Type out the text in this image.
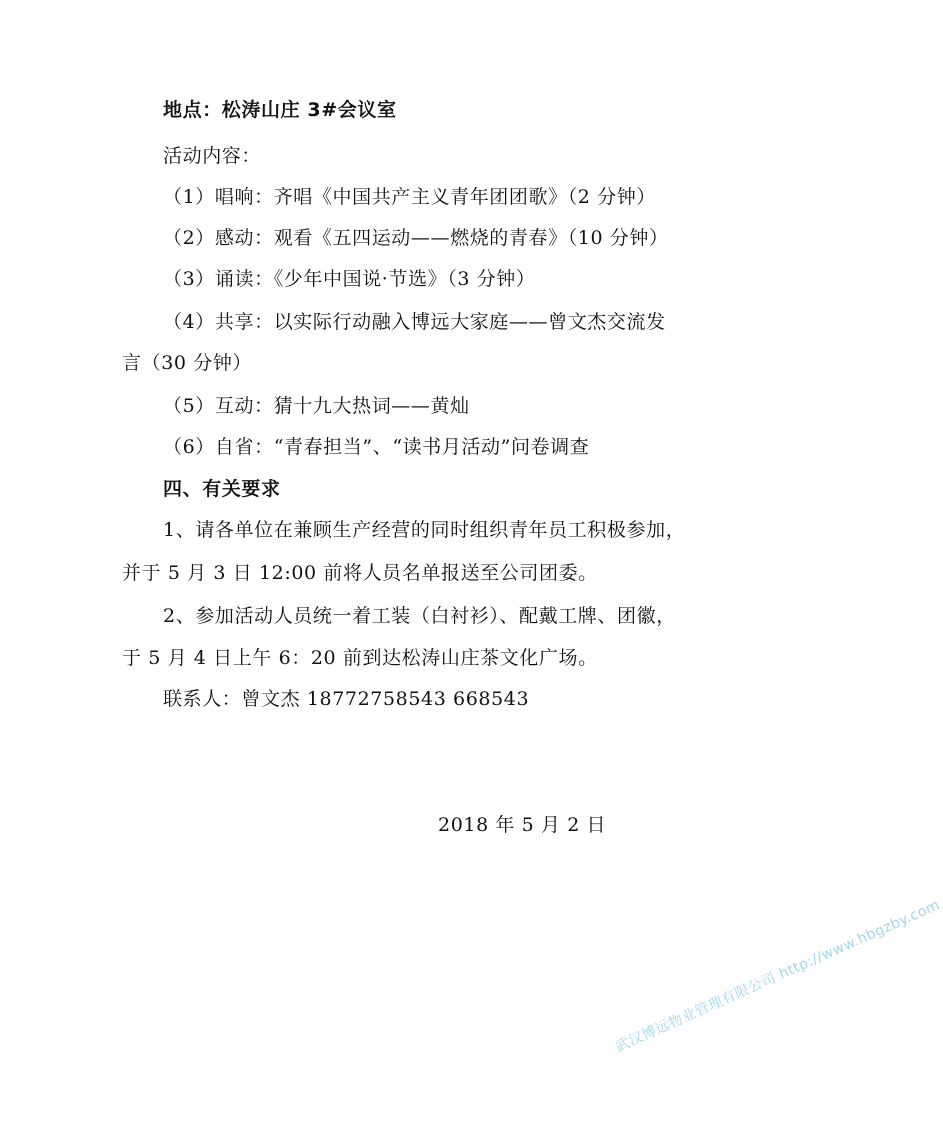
地点：松涛山庄 3#会议室
活动内容：
（1）唱响：齐唱《中国共产主义青年团团歌》（2 分钟）
（2）感动：观看《五四运动——燃烧的青春》（10 分钟）
（3）诵读：《少年中国说·节选》（3 分钟）
（4）共享：以实际行动融入博远大家庭——曾文杰交流发
言（30 分钟）
（5）互动：猜十九大热词——黄灿
（6）自省：“青春担当”、“读书月活动”问卷调查
四、有关要求
1、请各单位在兼顾生产经营的同时组织青年员工积极参加，
并于 5 月 3 日 12:00 前将人员名单报送至公司团委。
2、参加活动人员统一着工装（白衬衫）、配戴工牌、团徽，
于 5 月 4 日上午 6：20 前到达松涛山庄茶文化广场。
联系人：曾文杰 18772758543 668543
2018 年 5 月 2 日
武汉博远物业管理有限公司 http://www.hbgzby.com
